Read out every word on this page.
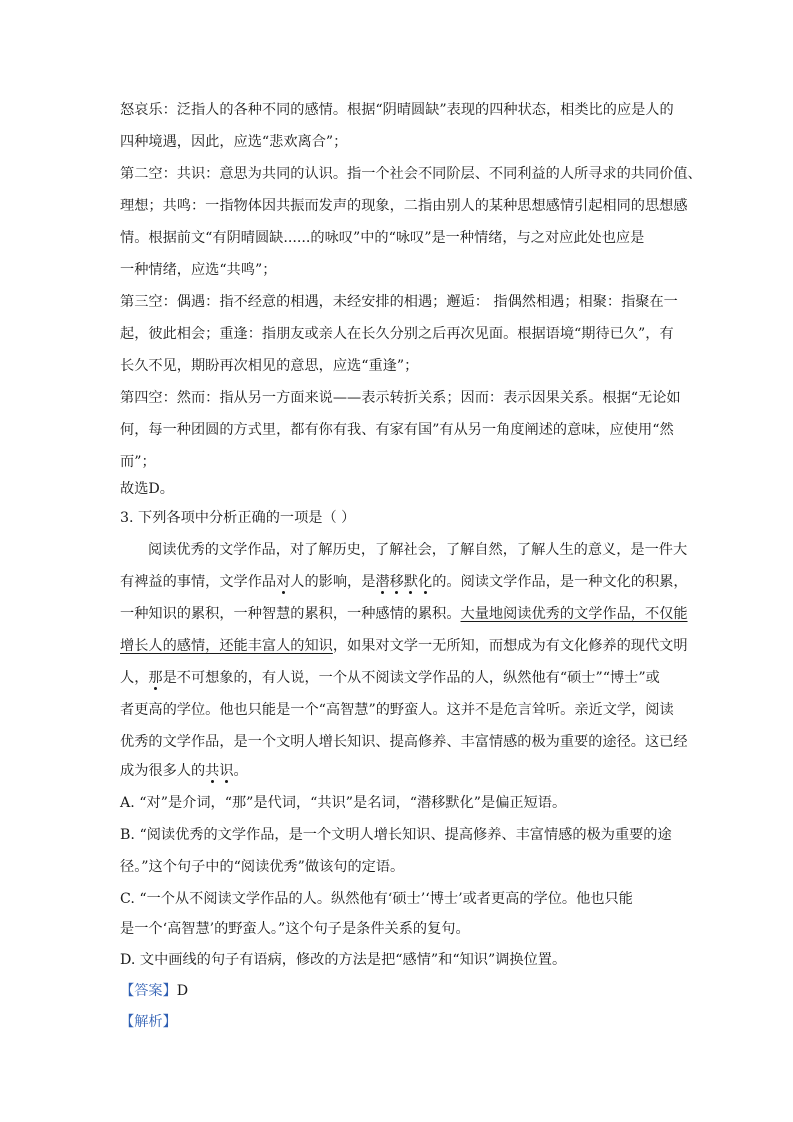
怒哀乐：泛指人的各种不同的感情。根据“阴晴圆缺”表现的四种状态，相类比的应是人的
四种境遇，因此，应选“悲欢离合”；
第二空：共识：意思为共同的认识。指一个社会不同阶层、不同利益的人所寻求的共同价值、
理想；共鸣：一指物体因共振而发声的现象，二指由别人的某种思想感情引起相同的思想感
情。根据前文“有阴晴圆缺......的咏叹”中的“咏叹”是一种情绪，与之对应此处也应是
一种情绪，应选“共鸣”；
第三空：偶遇：指不经意的相遇，未经安排的相遇；邂逅： 指偶然相遇；相聚：指聚在一
起，彼此相会；重逢：指朋友或亲人在长久分别之后再次见面。根据语境“期待已久”，有
长久不见，期盼再次相见的意思，应选“重逢”；
第四空：然而：指从另一方面来说——表示转折关系；因而：表示因果关系。根据“无论如
何，每一种团圆的方式里，都有你有我、有家有国”有从另一角度阐述的意味，应使用“然
而”；
故选D。
3. 下列各项中分析正确的一项是（ ）
阅读优秀的文学作品，对了解历史，了解社会，了解自然，了解人生的意义，是一件大
有裨益的事情，文学作品对人的影响，是潜移默化的。阅读文学作品，是一种文化的积累，
一种知识的累积，一种智慧的累积，一种感情的累积。大量地阅读优秀的文学作品，不仅能
增长人的感情，还能丰富人的知识，如果对文学一无所知，而想成为有文化修养的现代文明
人，那是不可想象的，有人说，一个从不阅读文学作品的人，纵然他有“硕士”“博士”或
者更高的学位。他也只能是一个“高智慧”的野蛮人。这并不是危言耸听。亲近文学，阅读
优秀的文学作品，是一个文明人增长知识、提高修养、丰富情感的极为重要的途径。这已经
成为很多人的共识。
A. “对”是介词，“那”是代词，“共识”是名词，“潜移默化”是偏正短语。
B. “阅读优秀的文学作品，是一个文明人增长知识、提高修养、丰富情感的极为重要的途
径。”这个句子中的“阅读优秀”做该句的定语。
C. “一个从不阅读文学作品的人。纵然他有‘硕士’‘博士’或者更高的学位。他也只能
是一个‘高智慧’的野蛮人。”这个句子是条件关系的复句。
D. 文中画线的句子有语病，修改的方法是把“感情”和“知识”调换位置。
【答案】D
【解析】
